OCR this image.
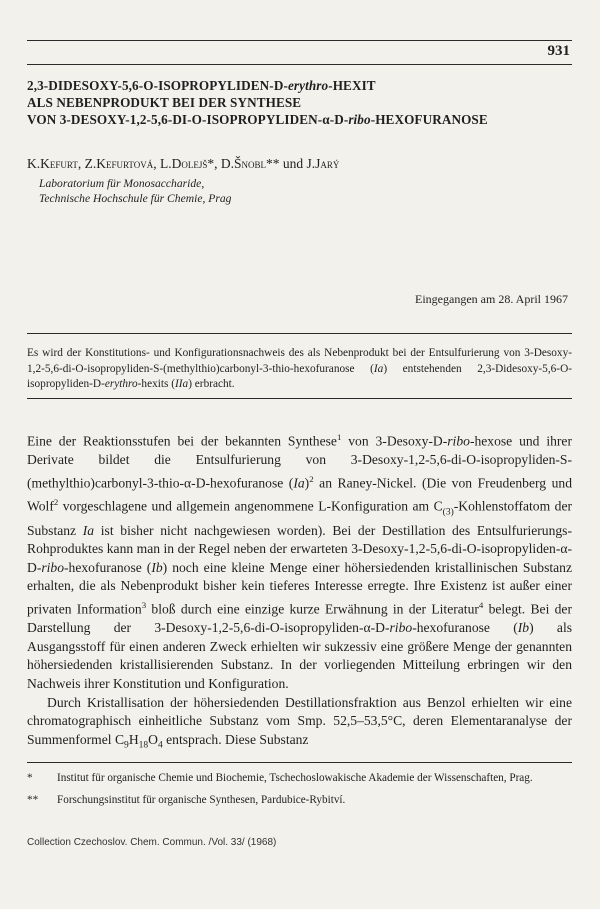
931
2,3-DIDESOXY-5,6-O-ISOPROPYLIDEN-D-erythro-HEXIT
ALS NEBENPRODUKT BEI DER SYNTHESE
VON 3-DESOXY-1,2-5,6-DI-O-ISOPROPYLIDEN-α-D-ribo-HEXOFURANOSE
K.Kefurt, Z.Kefurtová, L.Dolejš*, D.Šnobl** und J.Jarý
Laboratorium für Monosaccharide,
Technische Hochschule für Chemie, Prag
Eingegangen am 28. April 1967
Es wird der Konstitutions- und Konfigurationsnachweis des als Nebenprodukt bei der Entsulfurierung von 3-Desoxy-1,2-5,6-di-O-isopropyliden-S-(methylthio)carbonyl-3-thio-hexofuranose (Ia) entstehenden 2,3-Didesoxy-5,6-O-isopropyliden-D-erythro-hexits (IIa) erbracht.

Eine der Reaktionsstufen bei der bekannten Synthese$^1$ von 3-Desoxy-D-ribo-hexose und ihrer Derivate bildet die Entsulfurierung von 3-Desoxy-1,2-5,6-di-O-isopropyliden-S-(methylthio)carbonyl-3-thio-α-D-hexofuranose $(Ia)^2$ an Raney-Nickel. (Die von Freudenberg und Wolf$^2$ vorgeschlagene und allgemein angenommene L-Konfiguration am $C_{(3)}$-Kohlenstoffatom der Substanz Ia ist bisher nicht nachgewiesen worden). Bei der Destillation des Entsulfurierungs-Rohproduktes kann man in der Regel neben der erwarteten 3-Desoxy-1,2-5,6-di-O-isopropyliden-α-D-ribo-hexofuranose (Ib) noch eine kleine Menge einer höhersiedenden kristallinischen Substanz erhalten, die als Nebenprodukt bisher kein tieferes Interesse erregte. Ihre Existenz ist außer einer privaten Information$^3$ bloß durch eine einzige kurze Erwähnung in der Literatur$^4$ belegt. Bei der Darstellung der 3-Desoxy-1,2-5,6-di-O-isopropyliden-α-D-ribo-hexofuranose (Ib) als Ausgangsstoff für einen anderen Zweck erhielten wir sukzessiv eine größere Menge der genannten höhersiedenden kristallisierenden Substanz. In der vorliegenden Mitteilung erbringen wir den Nachweis ihrer Konstitution und Konfiguration.

Durch Kristallisation der höhersiedenden Destillationsfraktion aus Benzol erhielten wir eine chromatographisch einheitliche Substanz vom Smp. 52,5–53,5°C, deren Elementaranalyse der Summenformel $C_9H_{18}O_4$ entsprach. Diese Substanz

* Institut für organische Chemie und Biochemie, Tschechoslowakische Akademie der Wissenschaften, Prag.
** Forschungsinstitut für organische Synthesen, Pardubice-Rybitví.
Collection Czechoslov. Chem. Commun. /Vol. 33/ (1968)
